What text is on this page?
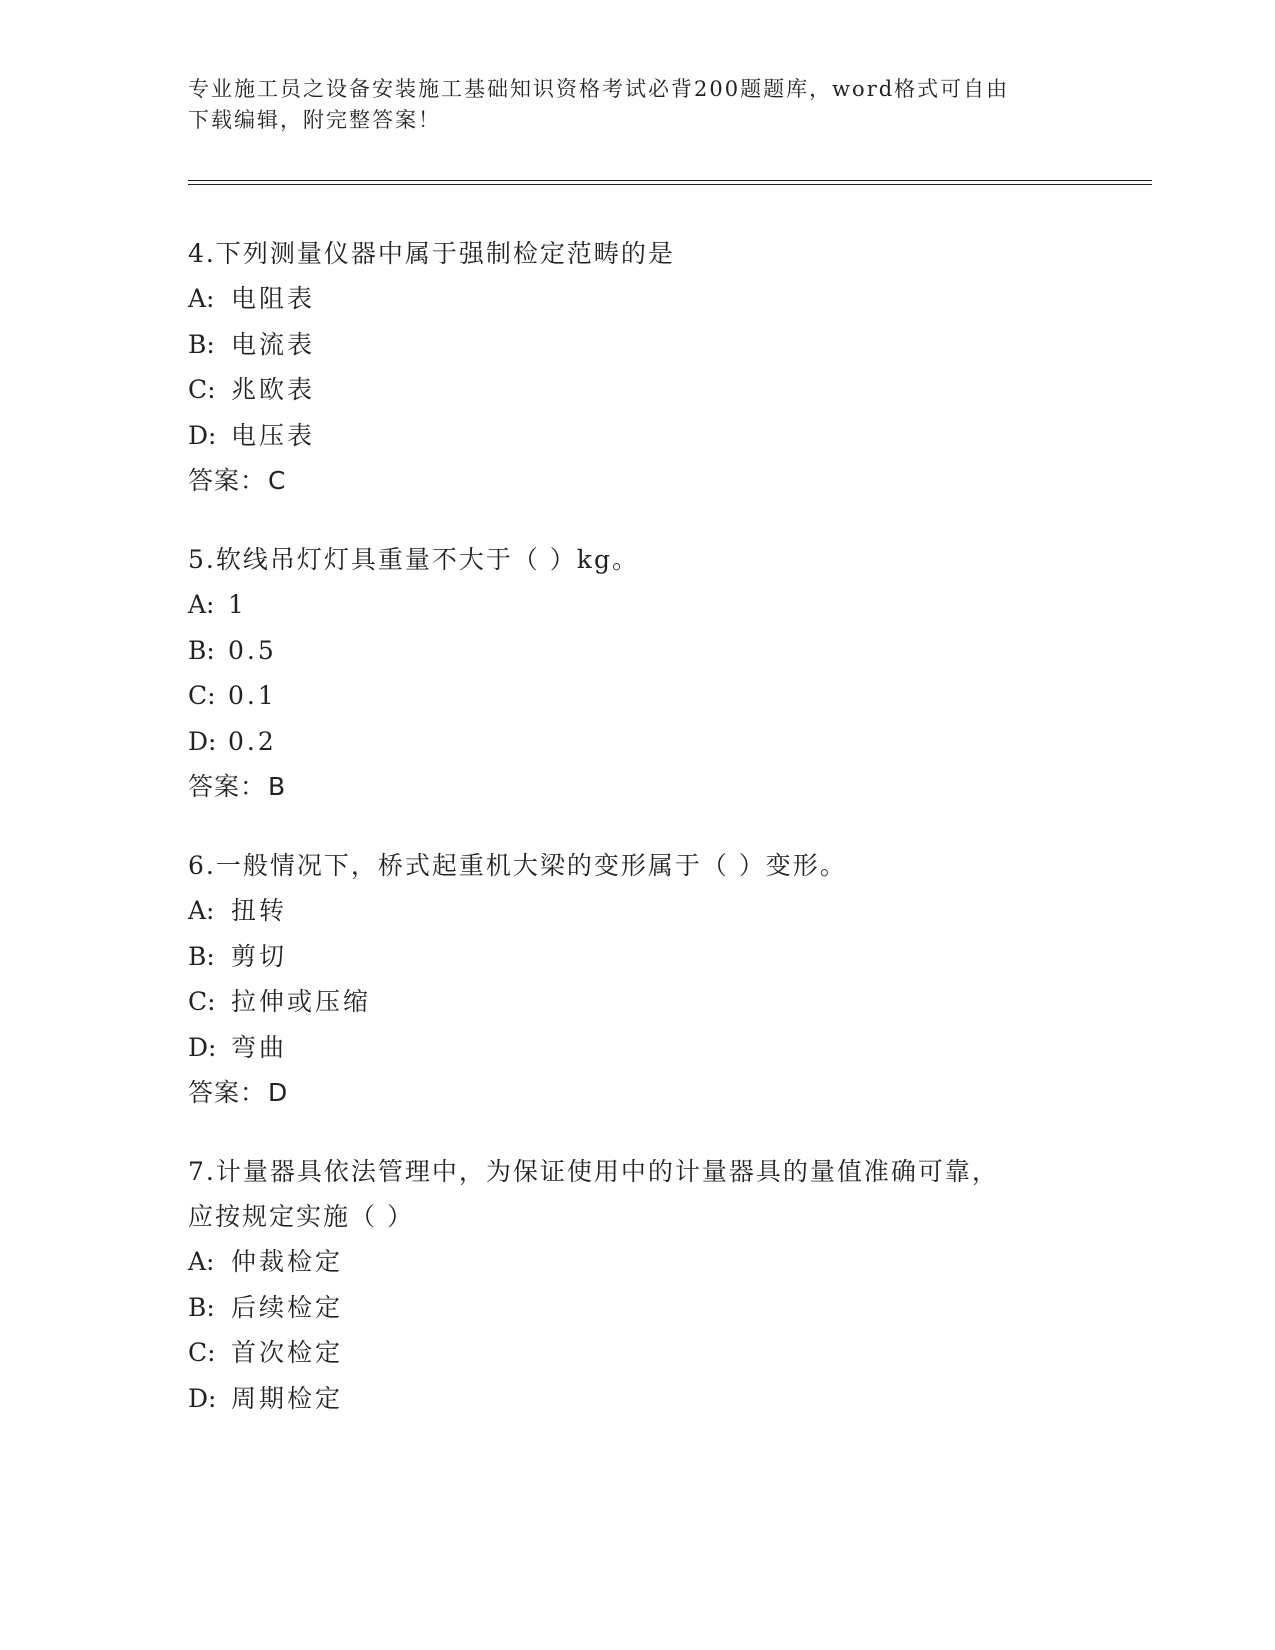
专业施工员之设备安装施工基础知识资格考试必背200题题库，word格式可自由
下载编辑，附完整答案！

4.下列测量仪器中属于强制检定范畴的是

A: 电阻表

B: 电流表

C: 兆欧表

D: 电压表

答案： C

5.软线吊灯灯具重量不大于（ ）kg。

A: 1

B: 0.5

C: 0.1

D: 0.2

答案： B

6.一般情况下，桥式起重机大梁的变形属于（ ）变形。

A: 扭转

B: 剪切

C: 拉伸或压缩

D: 弯曲

答案： D

7.计量器具依法管理中，为保证使用中的计量器具的量值准确可靠，

应按规定实施（ ）

A: 仲裁检定

B: 后续检定

C: 首次检定

D: 周期检定
